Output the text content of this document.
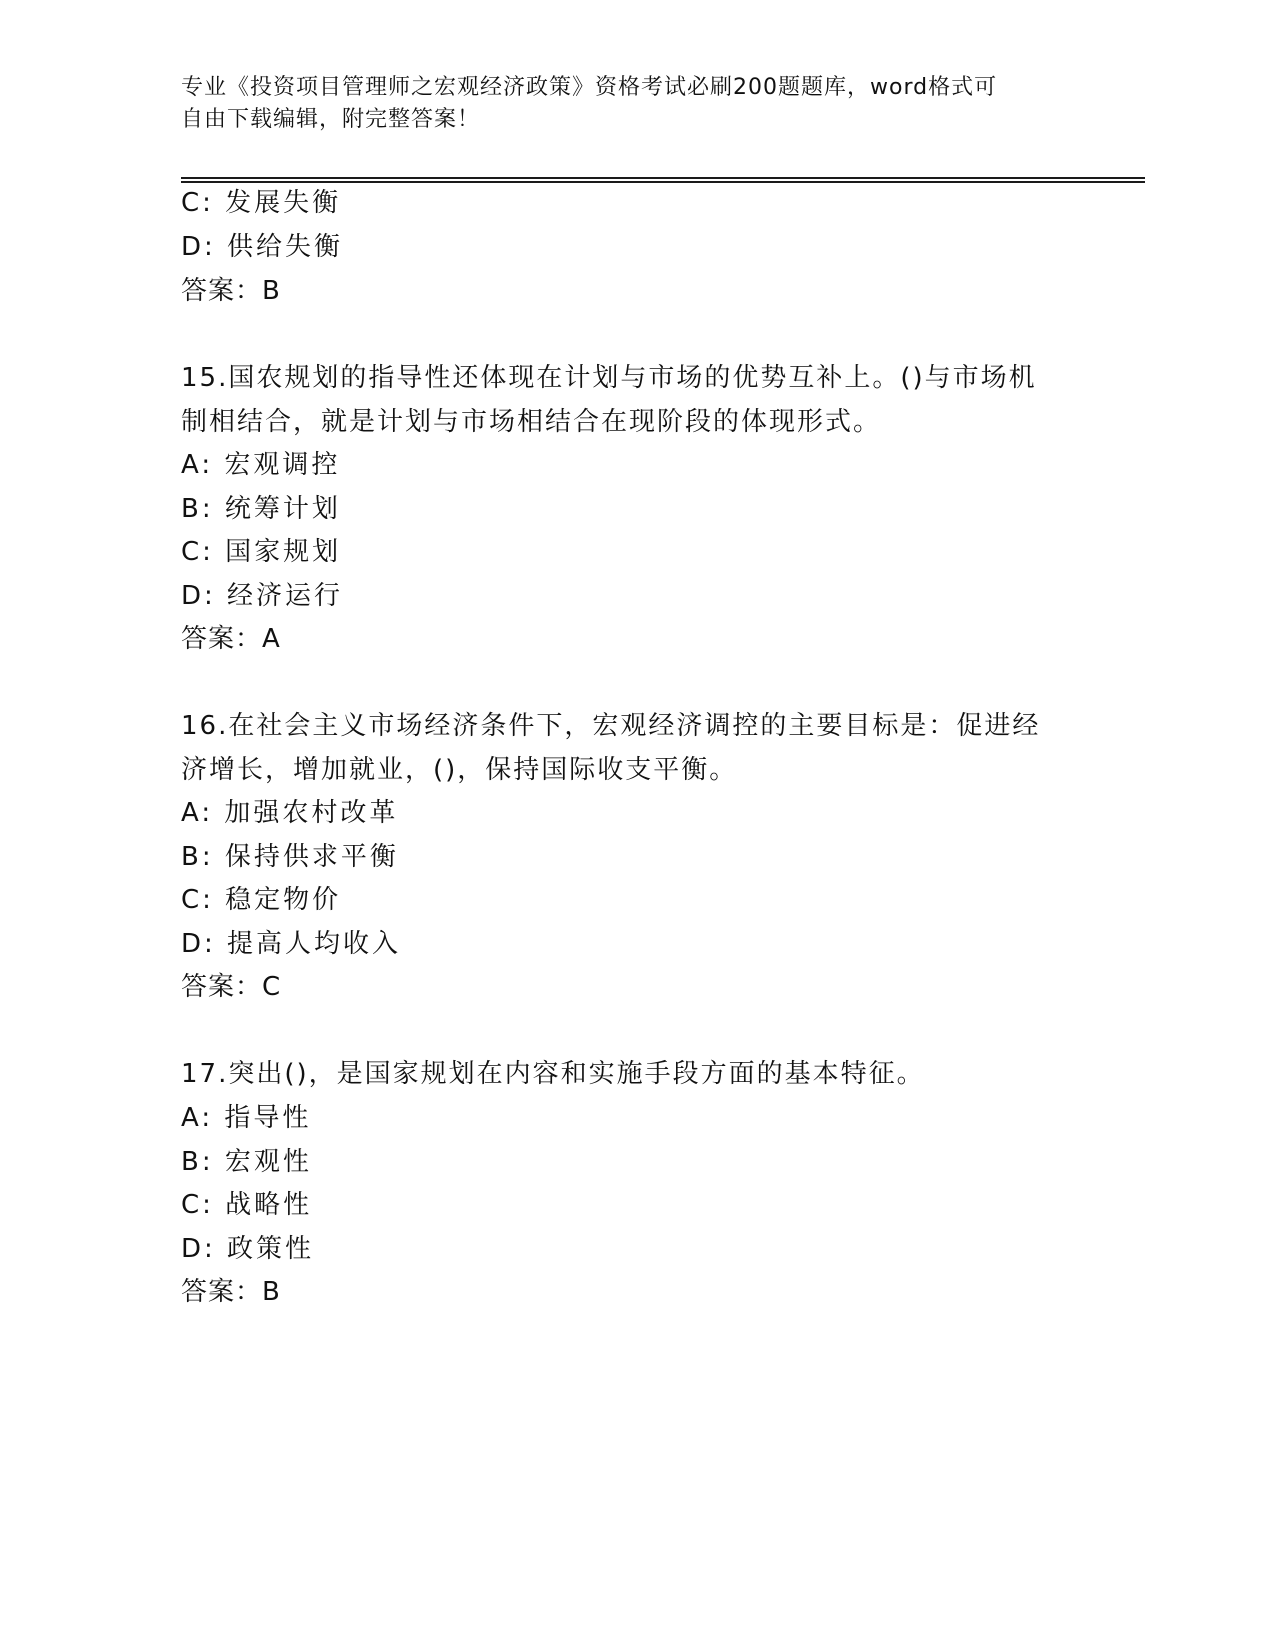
专业《投资项目管理师之宏观经济政策》资格考试必刷200题题库，word格式可
自由下载编辑，附完整答案！
C: 发展失衡
D: 供给失衡
答案：B
15.国农规划的指导性还体现在计划与市场的优势互补上。()与市场机
制相结合，就是计划与市场相结合在现阶段的体现形式。
A: 宏观调控
B: 统筹计划
C: 国家规划
D: 经济运行
答案：A
16.在社会主义市场经济条件下，宏观经济调控的主要目标是：促进经
济增长，增加就业，()，保持国际收支平衡。
A: 加强农村改革
B: 保持供求平衡
C: 稳定物价
D: 提高人均收入
答案：C
17.突出()，是国家规划在内容和实施手段方面的基本特征。
A: 指导性
B: 宏观性
C: 战略性
D: 政策性
答案：B
